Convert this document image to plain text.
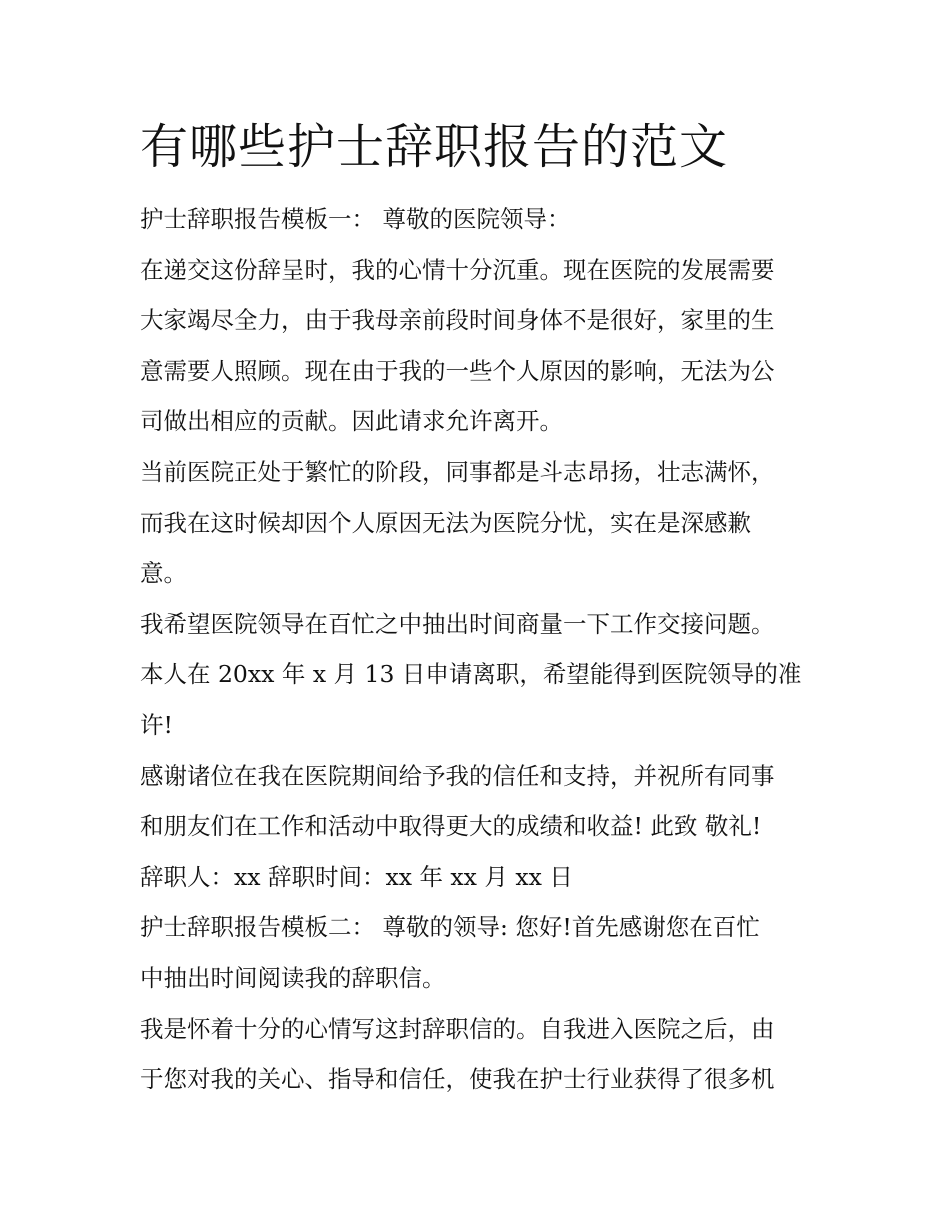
有哪些护士辞职报告的范文

护士辞职报告模板一： 尊敬的医院领导：

在递交这份辞呈时，我的心情十分沉重。现在医院的发展需要
大家竭尽全力，由于我母亲前段时间身体不是很好，家里的生
意需要人照顾。现在由于我的一些个人原因的影响，无法为公
司做出相应的贡献。因此请求允许离开。

当前医院正处于繁忙的阶段，同事都是斗志昂扬，壮志满怀，
而我在这时候却因个人原因无法为医院分忧，实在是深感歉
意。

我希望医院领导在百忙之中抽出时间商量一下工作交接问题。
本人在 20xx 年 x 月 13 日申请离职，希望能得到医院领导的准
许!

感谢诸位在我在医院期间给予我的信任和支持，并祝所有同事
和朋友们在工作和活动中取得更大的成绩和收益! 此致 敬礼!
辞职人：xx 辞职时间：xx 年 xx 月 xx 日

护士辞职报告模板二： 尊敬的领导: 您好!首先感谢您在百忙
中抽出时间阅读我的辞职信。

我是怀着十分的心情写这封辞职信的。自我进入医院之后，由
于您对我的关心、指导和信任，使我在护士行业获得了很多机
